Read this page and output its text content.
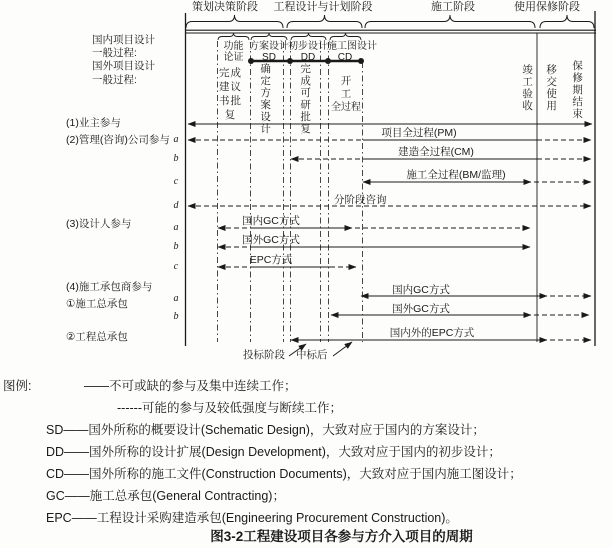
策划决策阶段	工程设计与计划阶段	施工阶段	使用保修阶段
国内项目设计
一般过程:
国外项目设计
一般过程:
功能
论证
方案设计
SD
初步设计
DD
施工图设计
CD
完成建议书批复	确定方案设计	完成可研批复	开
工
全过程	竣工验收 移交使用 保修期结束
(1)业主参与
(2)管理(咨询)公司参与
(3)设计人参与
(4)施工承包商参与
①施工总承包
②工程总承包
a
b
c
d
a
b
c
a
b
项目全过程(PM)
建造全过程(CM)
施工全过程(BM/监理)
分阶段咨询
国内GC方式
国外GC方式
EPC方式
国内GC方式
国外GC方式
国内外的EPC方式
投标阶段 中标后
图例:	——不可或缺的参与及集中连续工作；
------可能的参与及较低强度与断续工作；
SD——国外所称的概要设计(Schematic Design)，大致对应于国内的方案设计；
DD——国外所称的设计扩展(Design Development)，大致对应于国内的初步设计；
CD——国外所称的施工文件(Construction Documents)，大致对应于国内施工图设计；
GC——施工总承包(General Contracting)；
EPC——工程设计采购建造承包(Engineering Procurement Construction)。
图3-2工程建设项目各参与方介入项目的周期
